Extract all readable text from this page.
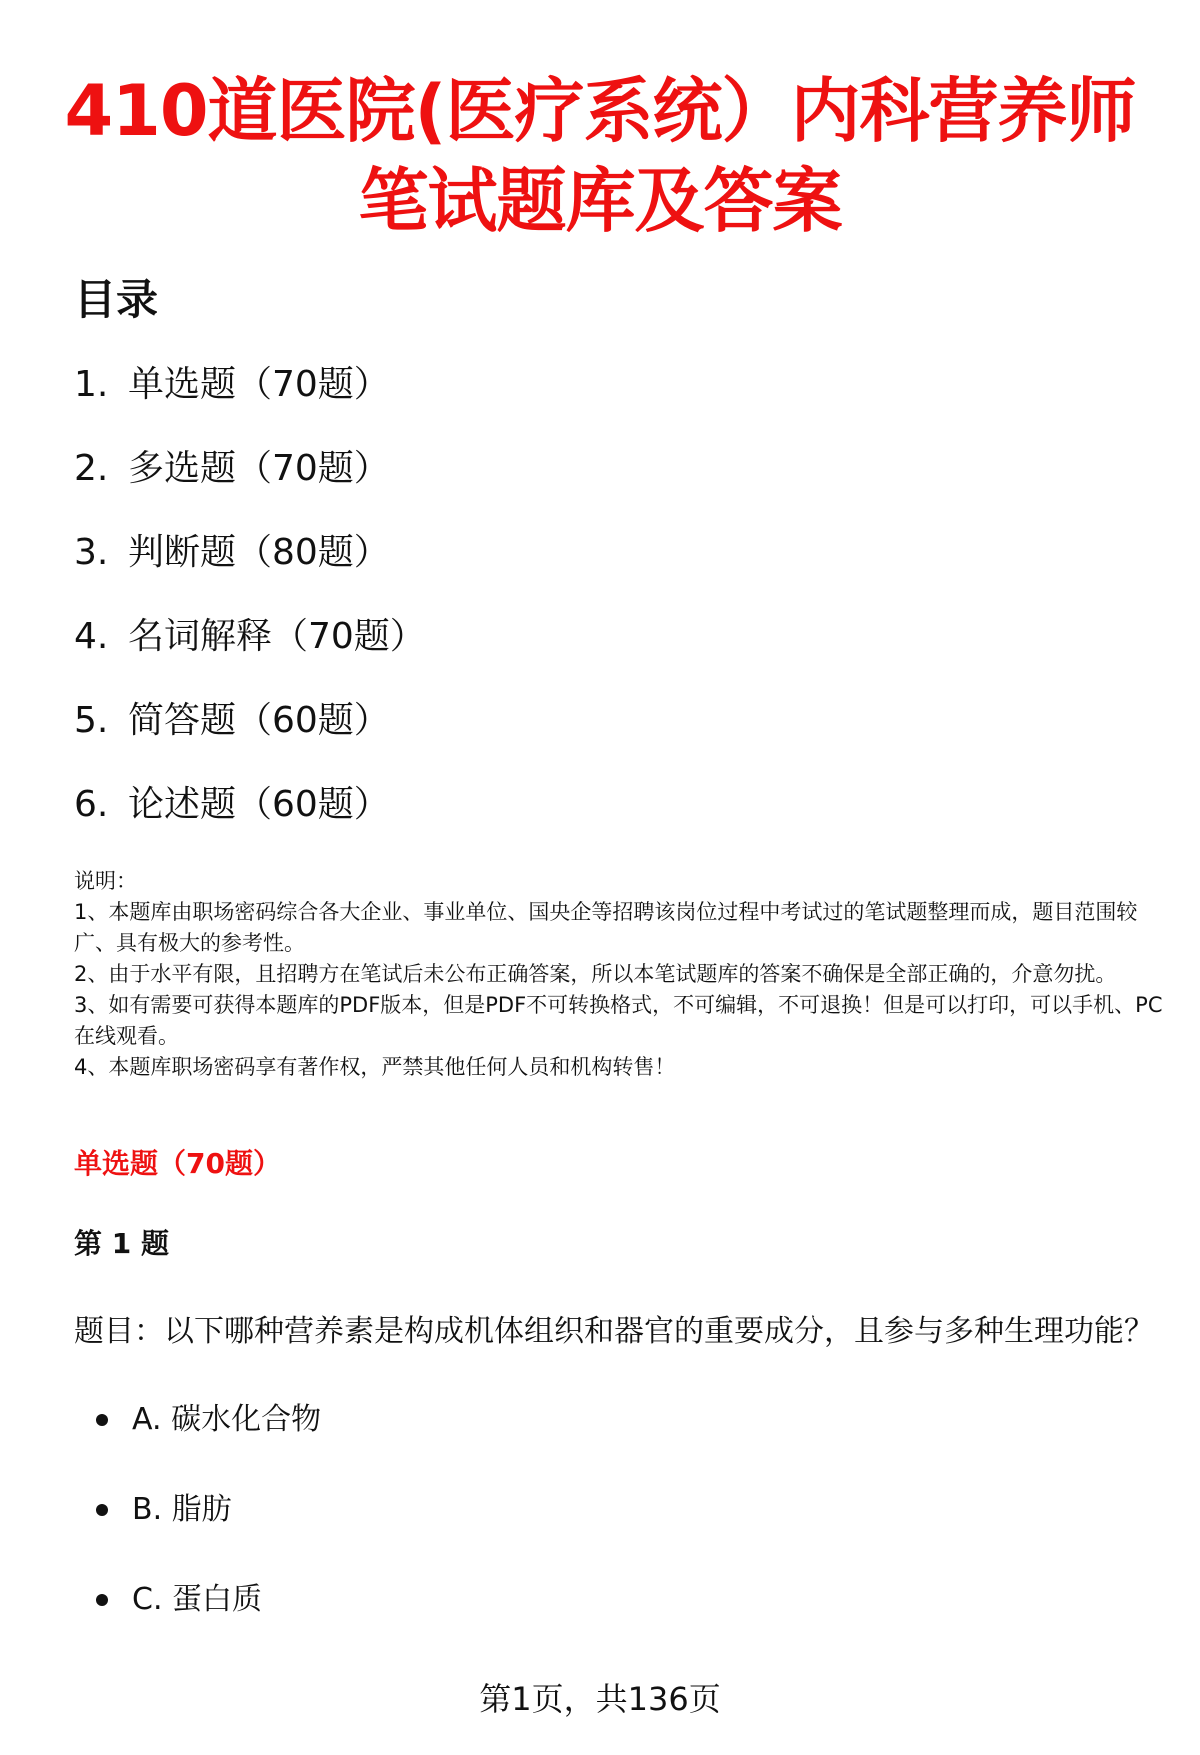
410道医院(医疗系统）内科营养师
笔试题库及答案
目录
1. 单选题（70题）
2. 多选题（70题）
3. 判断题（80题）
4. 名词解释（70题）
5. 简答题（60题）
6. 论述题（60题）

说明：

1、本题库由职场密码综合各大企业、事业单位、国央企等招聘该岗位过程中考试过的笔试题整理而成，题目范围较广、具有极大的参考性。

2、由于水平有限，且招聘方在笔试后未公布正确答案，所以本笔试题库的答案不确保是全部正确的，介意勿扰。

3、如有需要可获得本题库的PDF版本，但是PDF不可转换格式，不可编辑，不可退换！但是可以打印，可以手机、PC在线观看。

4、本题库职场密码享有著作权，严禁其他任何人员和机构转售！

单选题（70题）
第 1 题

题目：以下哪种营养素是构成机体组织和器官的重要成分，且参与多种生理功能？

A. 碳水化合物
B. 脂肪
C. 蛋白质
第1页，共136页
